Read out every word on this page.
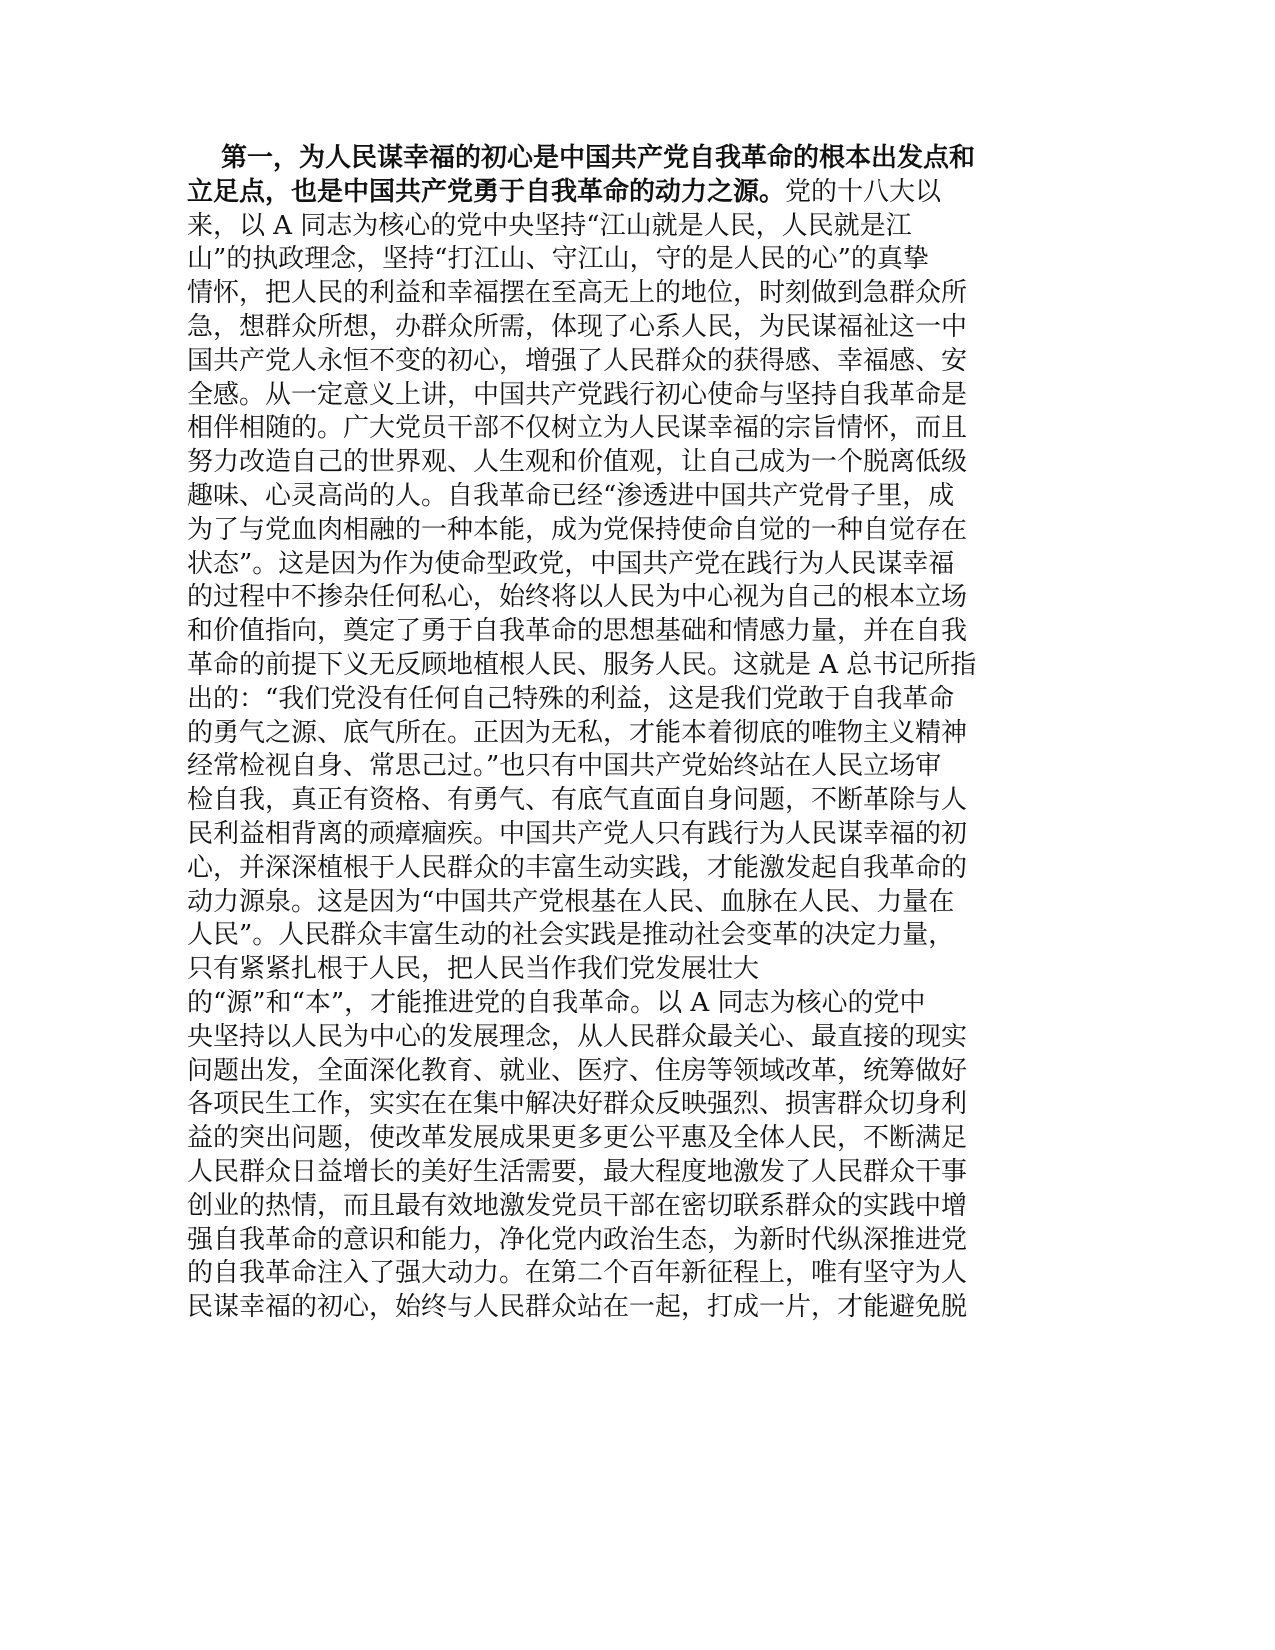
第一，为人民谋幸福的初心是中国共产党自我革命的根本出发点和
立足点，也是中国共产党勇于自我革命的动力之源。党的十八大以
来，以 A 同志为核心的党中央坚持“江山就是人民，人民就是江
山”的执政理念，坚持“打江山、守江山，守的是人民的心”的真挚
情怀，把人民的利益和幸福摆在至高无上的地位，时刻做到急群众所
急，想群众所想，办群众所需，体现了心系人民，为民谋福祉这一中
国共产党人永恒不变的初心，增强了人民群众的获得感、幸福感、安
全感。从一定意义上讲，中国共产党践行初心使命与坚持自我革命是
相伴相随的。广大党员干部不仅树立为人民谋幸福的宗旨情怀，而且
努力改造自己的世界观、人生观和价值观，让自己成为一个脱离低级
趣味、心灵高尚的人。自我革命已经“渗透进中国共产党骨子里，成
为了与党血肉相融的一种本能，成为党保持使命自觉的一种自觉存在
状态”。这是因为作为使命型政党，中国共产党在践行为人民谋幸福
的过程中不掺杂任何私心，始终将以人民为中心视为自己的根本立场
和价值指向，奠定了勇于自我革命的思想基础和情感力量，并在自我
革命的前提下义无反顾地植根人民、服务人民。这就是 A 总书记所指
出的：“我们党没有任何自己特殊的利益，这是我们党敢于自我革命
的勇气之源、底气所在。正因为无私，才能本着彻底的唯物主义精神
经常检视自身、常思己过。”也只有中国共产党始终站在人民立场审
检自我，真正有资格、有勇气、有底气直面自身问题，不断革除与人
民利益相背离的顽瘴痼疾。中国共产党人只有践行为人民谋幸福的初
心，并深深植根于人民群众的丰富生动实践，才能激发起自我革命的
动力源泉。这是因为“中国共产党根基在人民、血脉在人民、力量在
人民”。人民群众丰富生动的社会实践是推动社会变革的决定力量，
只有紧紧扎根于人民，把人民当作我们党发展壮大
的“源”和“本”，才能推进党的自我革命。以 A 同志为核心的党中
央坚持以人民为中心的发展理念，从人民群众最关心、最直接的现实
问题出发，全面深化教育、就业、医疗、住房等领域改革，统筹做好
各项民生工作，实实在在集中解决好群众反映强烈、损害群众切身利
益的突出问题，使改革发展成果更多更公平惠及全体人民，不断满足
人民群众日益增长的美好生活需要，最大程度地激发了人民群众干事
创业的热情，而且最有效地激发党员干部在密切联系群众的实践中增
强自我革命的意识和能力，净化党内政治生态，为新时代纵深推进党
的自我革命注入了强大动力。在第二个百年新征程上，唯有坚守为人
民谋幸福的初心，始终与人民群众站在一起，打成一片，才能避免脱
